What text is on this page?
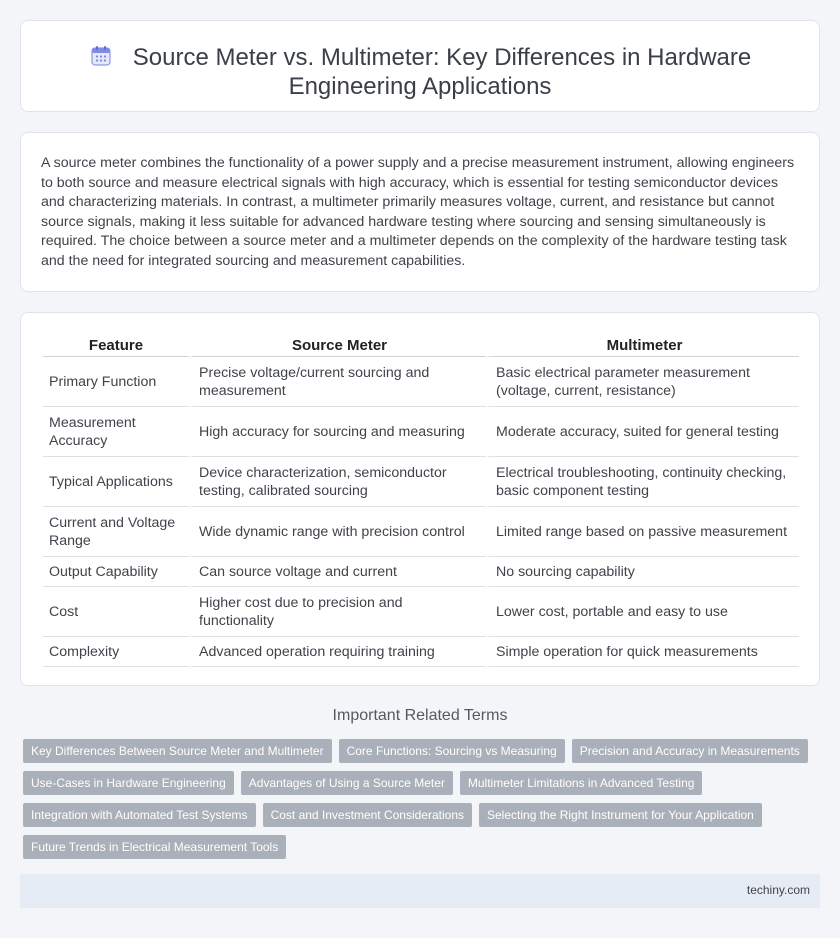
Source Meter vs. Multimeter: Key Differences in Hardware Engineering Applications

A source meter combines the functionality of a power supply and a precise measurement instrument, allowing engineers to both source and measure electrical signals with high accuracy, which is essential for testing semiconductor devices and characterizing materials. In contrast, a multimeter primarily measures voltage, current, and resistance but cannot source signals, making it less suitable for advanced hardware testing where sourcing and sensing simultaneously is required. The choice between a source meter and a multimeter depends on the complexity of the hardware testing task and the need for integrated sourcing and measurement capabilities.

Feature	Source Meter	Multimeter
Primary Function	Precise voltage/current sourcing and measurement	Basic electrical parameter measurement (voltage, current, resistance)
Measurement Accuracy	High accuracy for sourcing and measuring	Moderate accuracy, suited for general testing
Typical Applications	Device characterization, semiconductor testing, calibrated sourcing	Electrical troubleshooting, continuity checking, basic component testing
Current and Voltage Range	Wide dynamic range with precision control	Limited range based on passive measurement
Output Capability	Can source voltage and current	No sourcing capability
Cost	Higher cost due to precision and functionality	Lower cost, portable and easy to use
Complexity	Advanced operation requiring training	Simple operation for quick measurements
Important Related Terms
Key Differences Between Source Meter and Multimeter	Core Functions: Sourcing vs Measuring	Precision and Accuracy in Measurements
Use-Cases in Hardware Engineering	Advantages of Using a Source Meter	Multimeter Limitations in Advanced Testing
Integration with Automated Test Systems	Cost and Investment Considerations	Selecting the Right Instrument for Your Application
Future Trends in Electrical Measurement Tools
techiny.com
